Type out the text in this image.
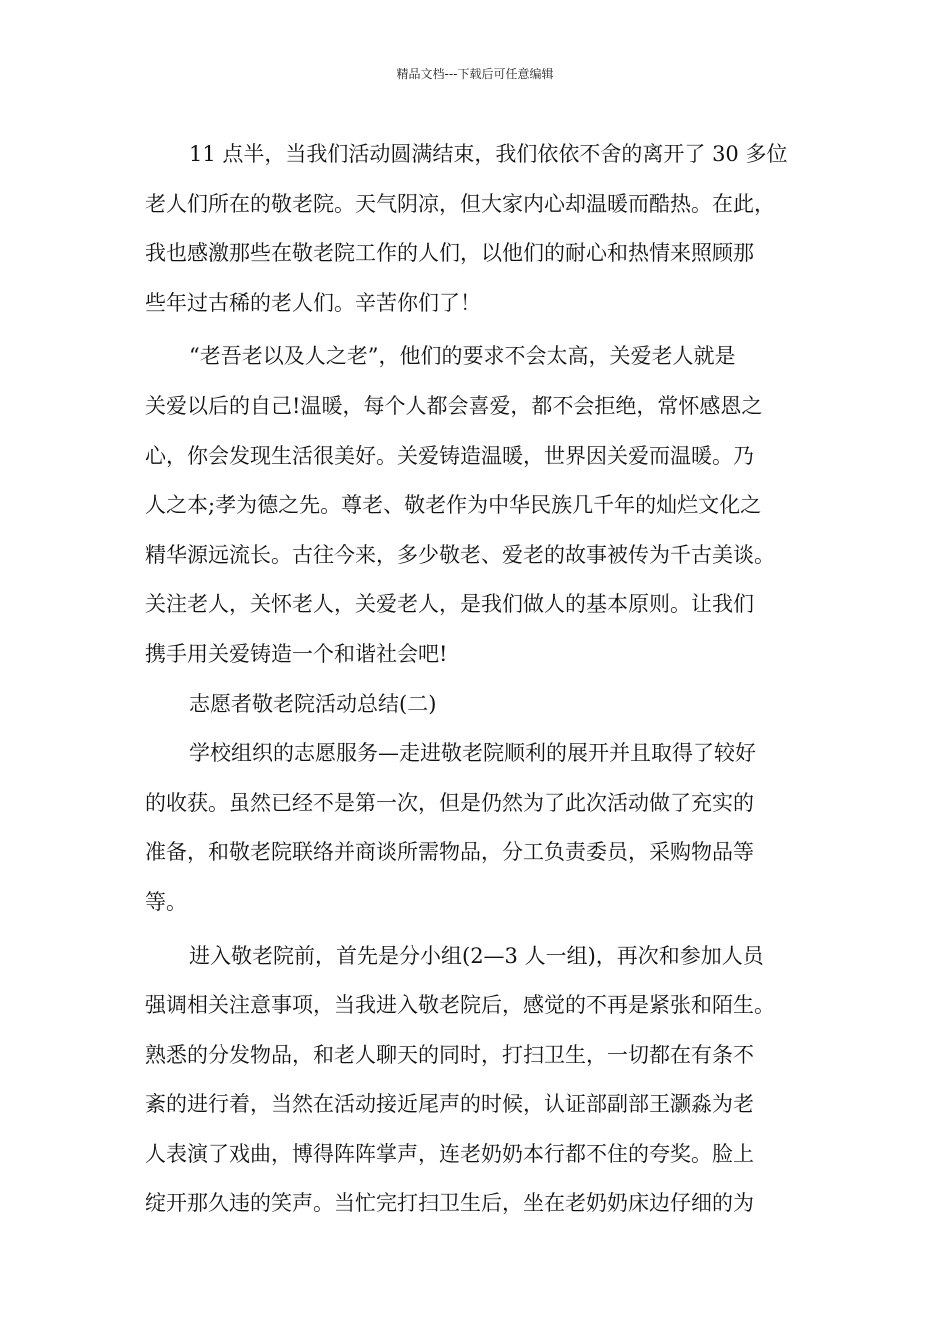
精品文档---下载后可任意编辑
11 点半，当我们活动圆满结束，我们依依不舍的离开了 30 多位
老人们所在的敬老院。天气阴凉，但大家内心却温暖而酷热。在此，
我也感激那些在敬老院工作的人们，以他们的耐心和热情来照顾那
些年过古稀的老人们。辛苦你们了！
“老吾老以及人之老”，他们的要求不会太高，关爱老人就是
关爱以后的自己!温暖，每个人都会喜爱，都不会拒绝，常怀感恩之
心，你会发现生活很美好。关爱铸造温暖，世界因关爱而温暖。乃
人之本;孝为德之先。尊老、敬老作为中华民族几千年的灿烂文化之
精华源远流长。古往今来，多少敬老、爱老的故事被传为千古美谈。
关注老人，关怀老人，关爱老人，是我们做人的基本原则。让我们
携手用关爱铸造一个和谐社会吧!
志愿者敬老院活动总结(二)
学校组织的志愿服务—走进敬老院顺利的展开并且取得了较好
的收获。虽然已经不是第一次，但是仍然为了此次活动做了充实的
准备，和敬老院联络并商谈所需物品，分工负责委员，采购物品等
等。
进入敬老院前，首先是分小组(2—3 人一组)，再次和参加人员
强调相关注意事项，当我进入敬老院后，感觉的不再是紧张和陌生。
熟悉的分发物品，和老人聊天的同时，打扫卫生，一切都在有条不
紊的进行着，当然在活动接近尾声的时候，认证部副部王灏淼为老
人表演了戏曲，博得阵阵掌声，连老奶奶本行都不住的夸奖。脸上
绽开那久违的笑声。当忙完打扫卫生后，坐在老奶奶床边仔细的为
